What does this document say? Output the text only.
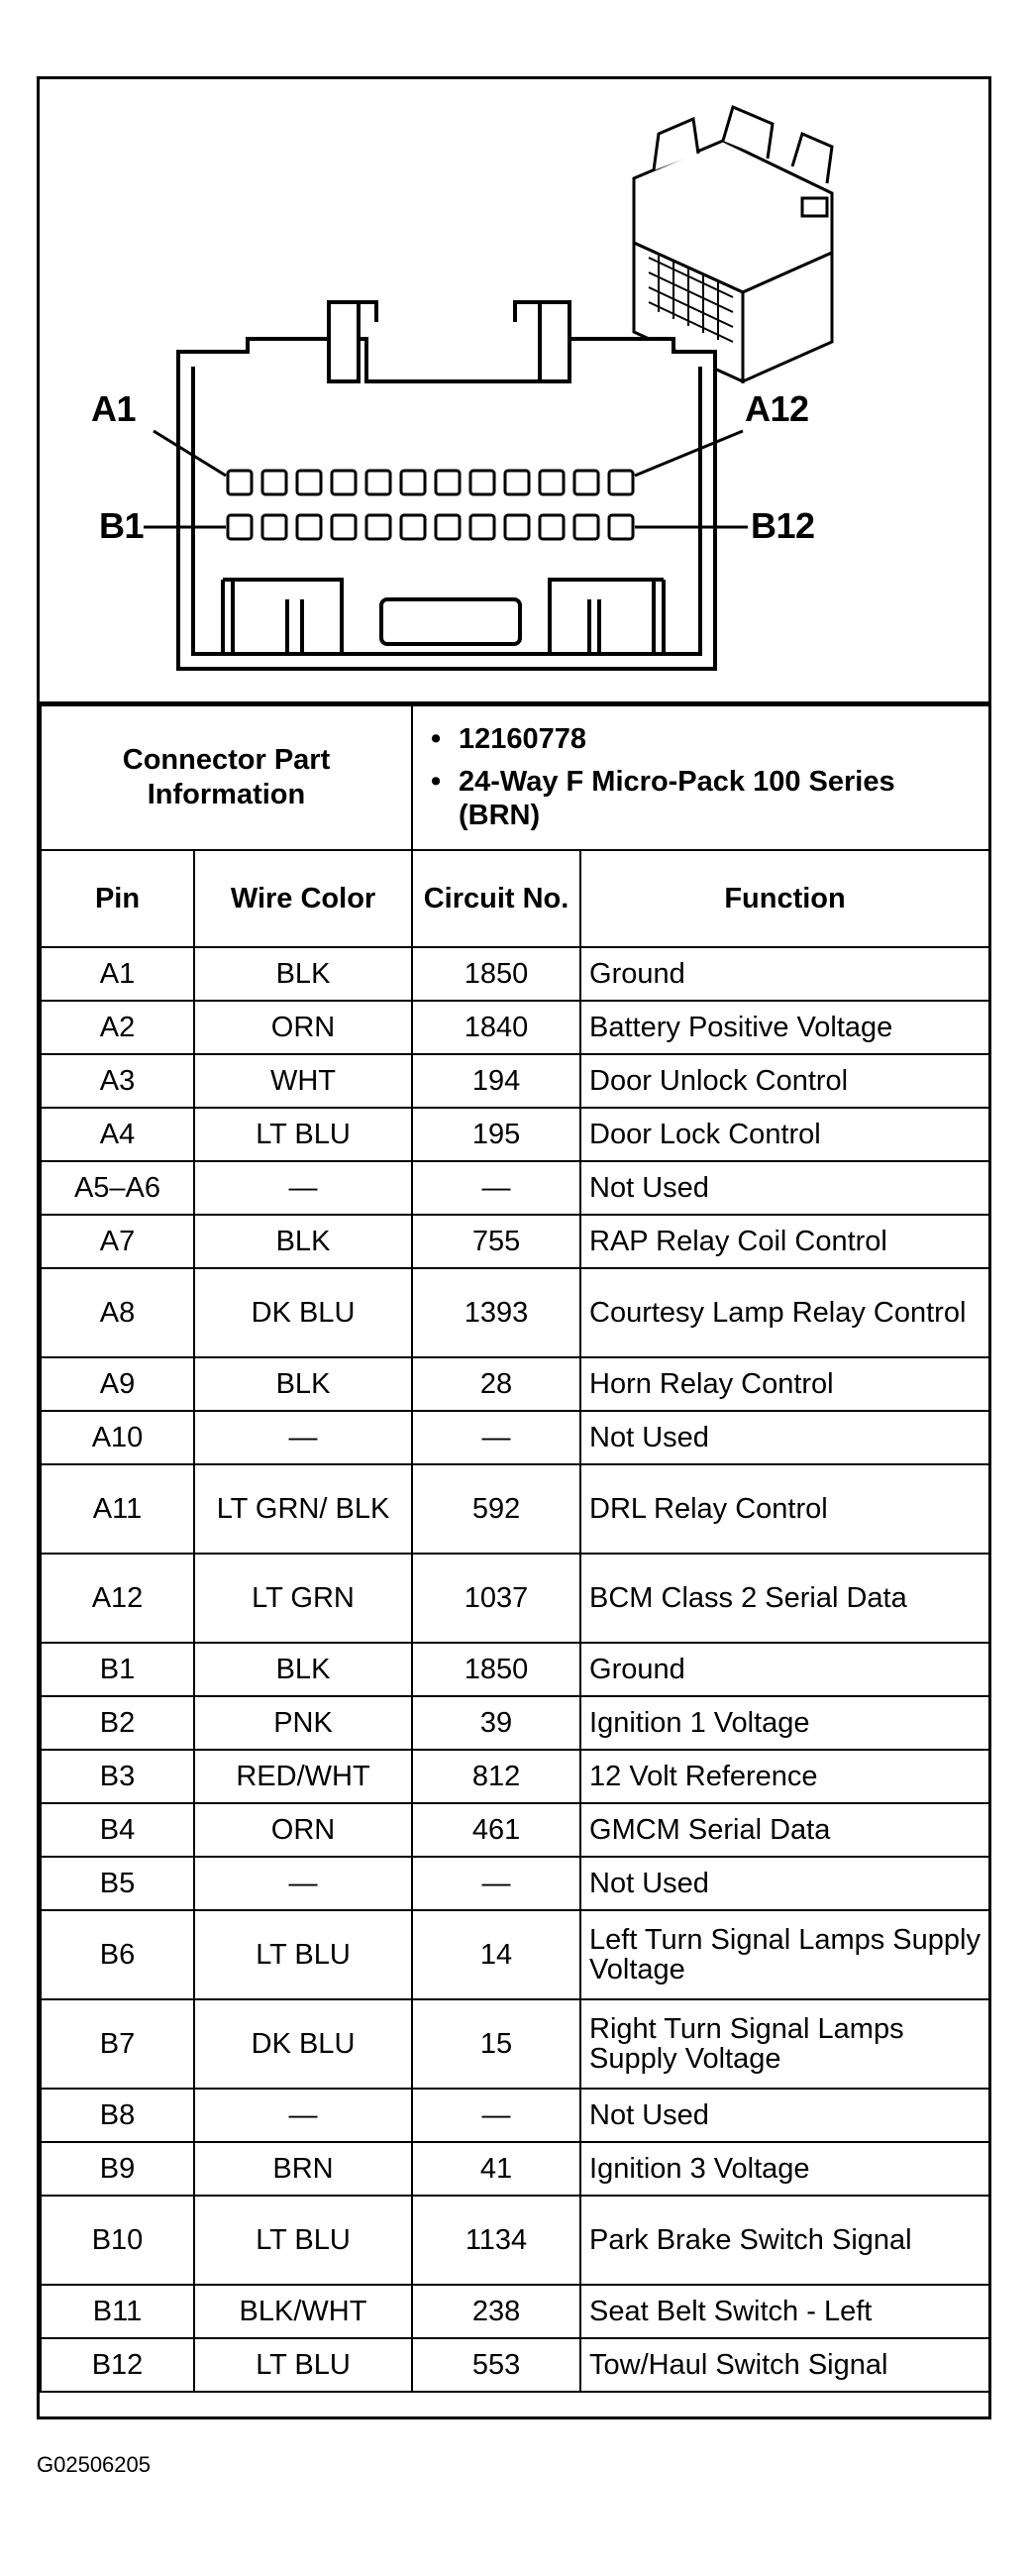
A1
B1
A12
B12
Connector Part Information		• 12160778
• 24-Way F Micro-Pack 100 Series (BRN)

Pin	Wire Color	Circuit No.	Function
A1	BLK	1850	Ground
A2	ORN	1840	Battery Positive Voltage
A3	WHT	194	Door Unlock Control
A4	LT BLU	195	Door Lock Control
A5–A6	—	—	Not Used
A7	BLK	755	RAP Relay Coil Control
A8	DK BLU	1393	Courtesy Lamp Relay Control
A9	BLK	28	Horn Relay Control
A10	—	—	Not Used
A11	LT GRN/ BLK	592	DRL Relay Control
A12	LT GRN	1037	BCM Class 2 Serial Data
B1	BLK	1850	Ground
B2	PNK	39	Ignition 1 Voltage
B3	RED/WHT	812	12 Volt Reference
B4	ORN	461	GMCM Serial Data
B5	—	—	Not Used
B6	LT BLU	14	Left Turn Signal Lamps Supply Voltage
B7	DK BLU	15	Right Turn Signal Lamps Supply Voltage
B8	—	—	Not Used
B9	BRN	41	Ignition 3 Voltage
B10	LT BLU	1134	Park Brake Switch Signal
B11	BLK/WHT	238	Seat Belt Switch - Left
B12	LT BLU	553	Tow/Haul Switch Signal
G02506205
